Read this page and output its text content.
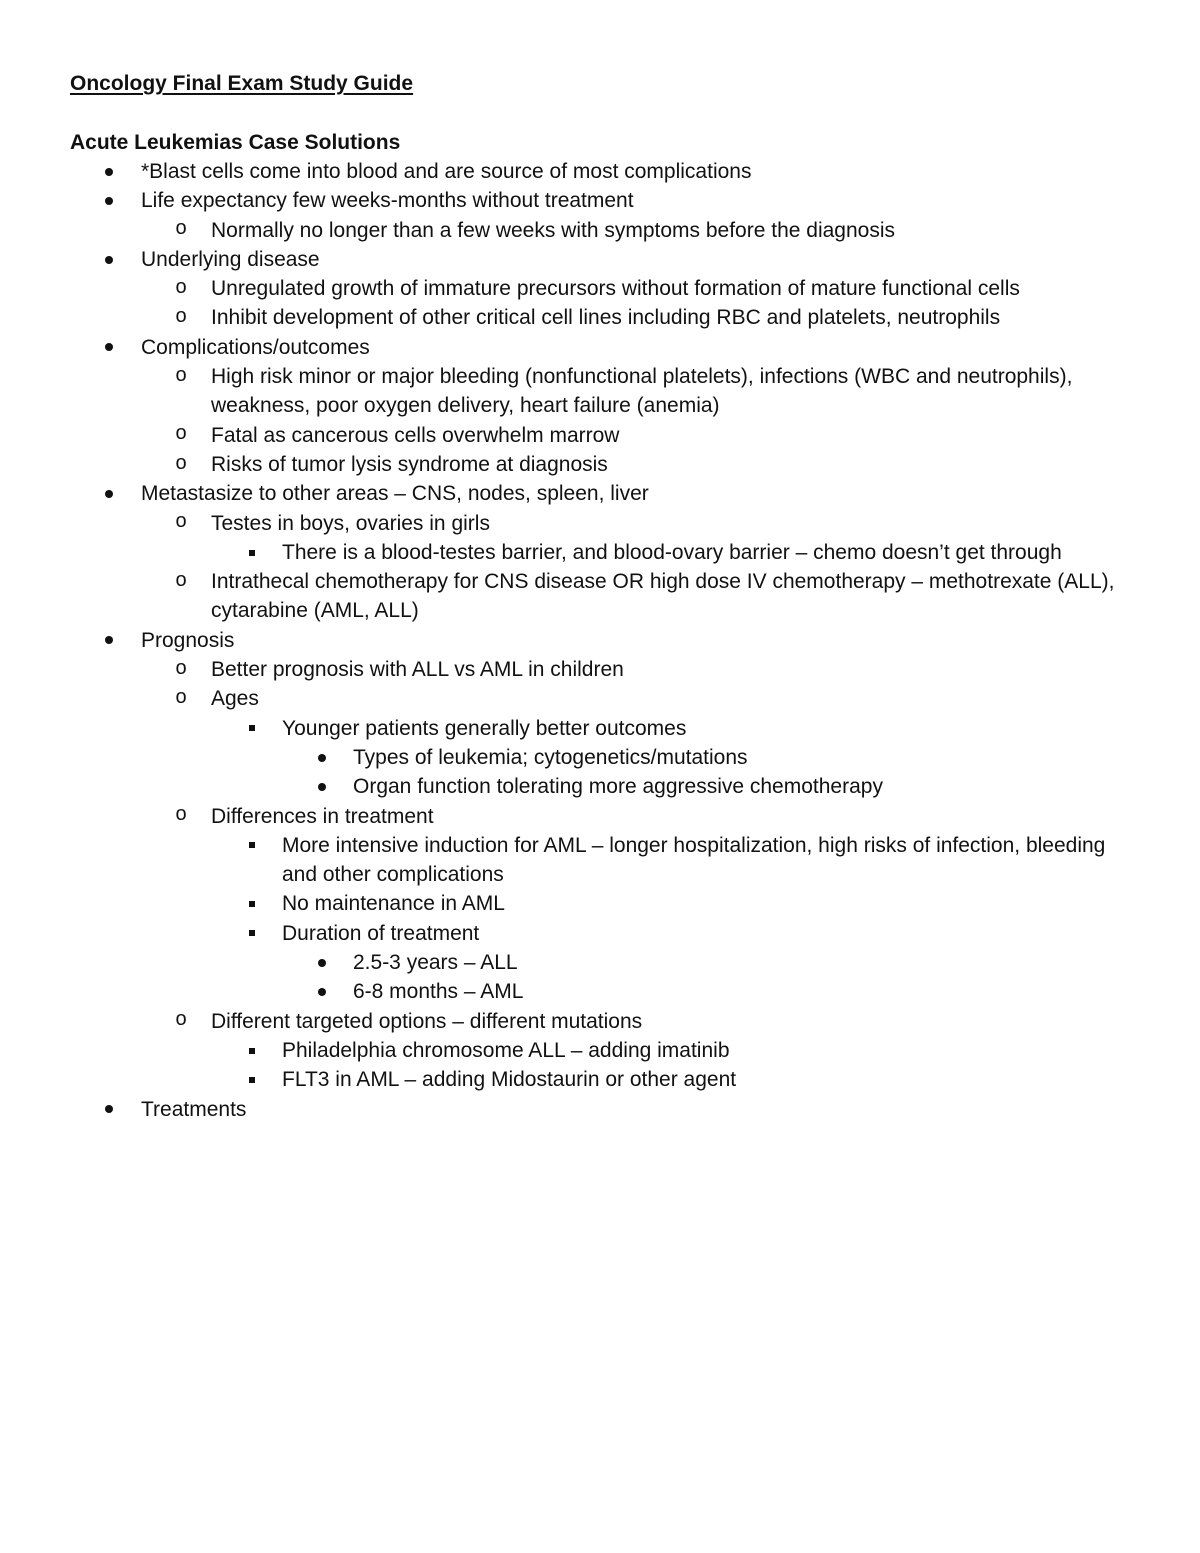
Oncology Final Exam Study Guide
Acute Leukemias Case Solutions
*Blast cells come into blood and are source of most complications
Life expectancy few weeks-months without treatment
o Normally no longer than a few weeks with symptoms before the diagnosis
Underlying disease
o Unregulated growth of immature precursors without formation of mature functional cells
o Inhibit development of other critical cell lines including RBC and platelets, neutrophils
Complications/outcomes
o High risk minor or major bleeding (nonfunctional platelets), infections (WBC and neutrophils), weakness, poor oxygen delivery, heart failure (anemia)
o Fatal as cancerous cells overwhelm marrow
o Risks of tumor lysis syndrome at diagnosis
Metastasize to other areas – CNS, nodes, spleen, liver
o Testes in boys, ovaries in girls
There is a blood-testes barrier, and blood-ovary barrier – chemo doesn’t get through
o Intrathecal chemotherapy for CNS disease OR high dose IV chemotherapy – methotrexate (ALL), cytarabine (AML, ALL)
Prognosis
o Better prognosis with ALL vs AML in children
o Ages
Younger patients generally better outcomes
Types of leukemia; cytogenetics/mutations
Organ function tolerating more aggressive chemotherapy
o Differences in treatment
More intensive induction for AML – longer hospitalization, high risks of infection, bleeding and other complications
No maintenance in AML
Duration of treatment
2.5-3 years – ALL
6-8 months – AML
o Different targeted options – different mutations
Philadelphia chromosome ALL – adding imatinib
FLT3 in AML – adding Midostaurin or other agent
Treatments
